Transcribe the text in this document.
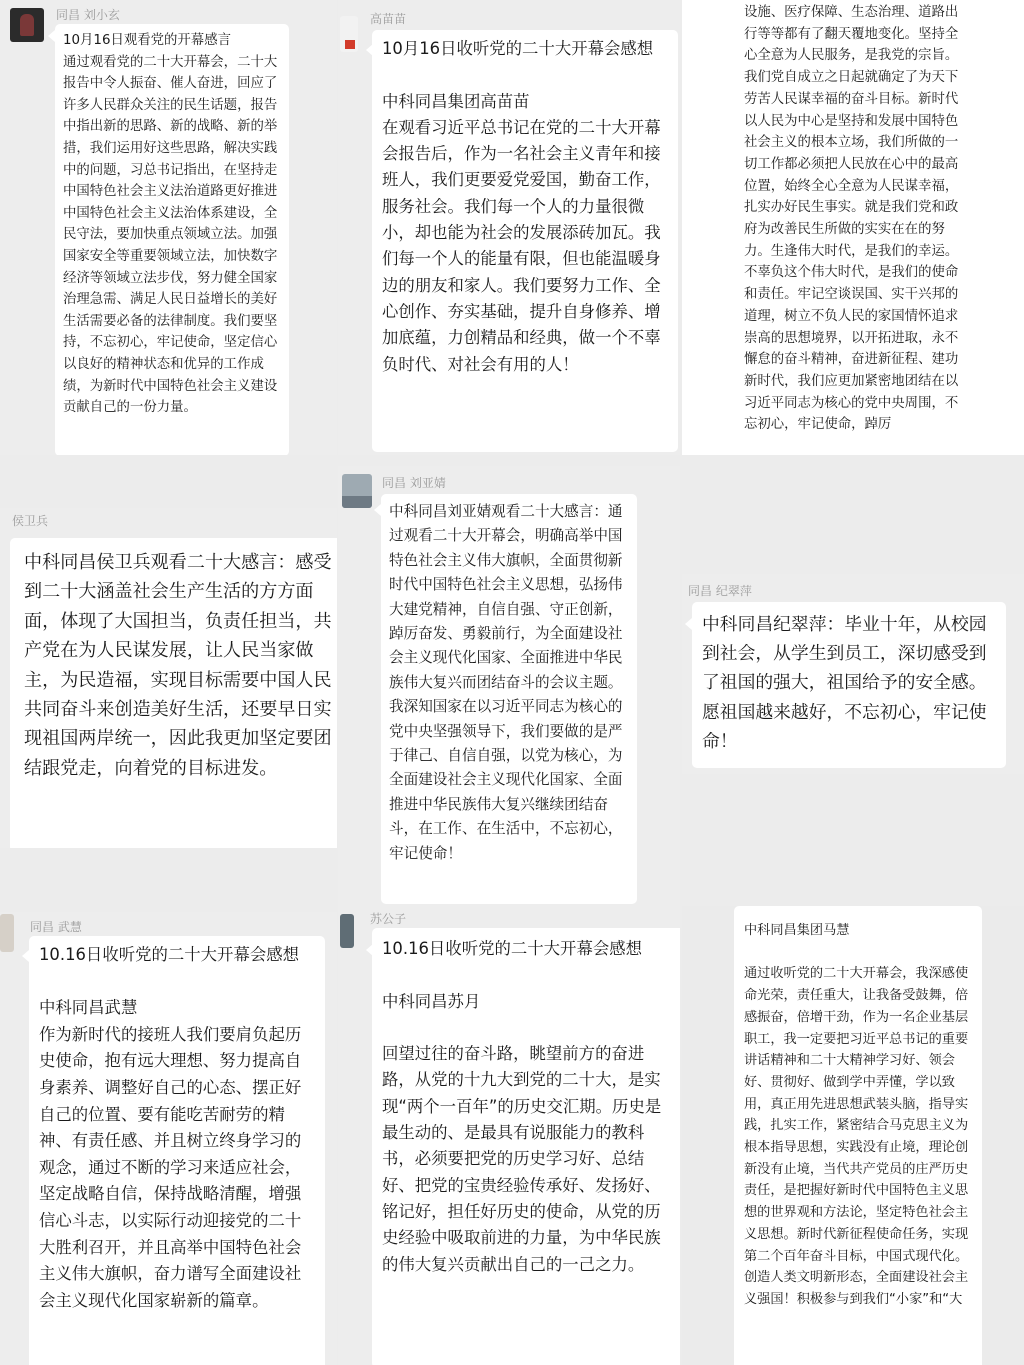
同昌 刘小玄
10月16日观看党的开幕感言
通过观看党的二十大开幕会，二十大报告中令人振奋、催人奋进，回应了许多人民群众关注的民生话题，报告中指出新的思路、新的战略、新的举措，我们运用好这些思路，解决实践中的问题，习总书记指出，在坚持走中国特色社会主义法治道路更好推进中国特色社会主义法治体系建设，全民守法，要加快重点领域立法。加强国家安全等重要领域立法，加快数字经济等领域立法步伐，努力健全国家治理急需、满足人民日益增长的美好生活需要必备的法律制度。我们要坚持，不忘初心，牢记使命，坚定信心以良好的精神状态和优异的工作成绩，为新时代中国特色社会主义建设贡献自己的一份力量。
高苗苗
10月16日收听党的二十大开幕会感想

中科同昌集团高苗苗
在观看习近平总书记在党的二十大开幕会报告后，作为一名社会主义青年和接班人，我们更要爱党爱国，勤奋工作，服务社会。我们每一个人的力量很微小，却也能为社会的发展添砖加瓦。我们每一个人的能量有限，但也能温暖身边的朋友和家人。我们要努力工作、全心创作、夯实基础，提升自身修养、增加底蕴，力创精品和经典，做一个不辜负时代、对社会有用的人！
设施、医疗保障、生态治理、道路出行等等都有了翻天覆地变化。坚持全心全意为人民服务，是我党的宗旨。我们党自成立之日起就确定了为天下劳苦人民谋幸福的奋斗目标。新时代以人民为中心是坚持和发展中国特色社会主义的根本立场，我们所做的一切工作都必须把人民放在心中的最高位置，始终全心全意为人民谋幸福，扎实办好民生事实。就是我们党和政府为改善民生所做的实实在在的努力。生逢伟大时代，是我们的幸运。不辜负这个伟大时代，是我们的使命和责任。牢记空谈误国、实干兴邦的道理，树立不负人民的家国情怀追求崇高的思想境界，以开拓进取，永不懈怠的奋斗精神，奋进新征程、建功新时代，我们应更加紧密地团结在以习近平同志为核心的党中央周围，不忘初心，牢记使命，踔厉
侯卫兵
中科同昌侯卫兵观看二十大感言：感受到二十大涵盖社会生产生活的方方面面，体现了大国担当，负责任担当，共产党在为人民谋发展，让人民当家做主，为民造福，实现目标需要中国人民共同奋斗来创造美好生活，还要早日实现祖国两岸统一，因此我更加坚定要团结跟党走，向着党的目标进发。
同昌 刘亚婧
中科同昌刘亚婧观看二十大感言：通过观看二十大开幕会，明确高举中国特色社会主义伟大旗帜，全面贯彻新时代中国特色社会主义思想，弘扬伟大建党精神，自信自强、守正创新，踔厉奋发、勇毅前行，为全面建设社会主义现代化国家、全面推进中华民族伟大复兴而团结奋斗的会议主题。我深知国家在以习近平同志为核心的党中央坚强领导下，我们要做的是严于律己、自信自强，以党为核心，为全面建设社会主义现代化国家、全面推进中华民族伟大复兴继续团结奋斗，在工作、在生活中，不忘初心，牢记使命！
同昌 纪翠萍
中科同昌纪翠萍：毕业十年，从校园到社会，从学生到员工，深切感受到了祖国的强大，祖国给予的安全感。愿祖国越来越好，不忘初心，牢记使命！
同昌 武慧
10.16日收听党的二十大开幕会感想

中科同昌武慧
作为新时代的接班人我们要肩负起历史使命，抱有远大理想、努力提高自身素养、调整好自己的心态、摆正好自己的位置、要有能吃苦耐劳的精神、有责任感、并且树立终身学习的观念，通过不断的学习来适应社会，坚定战略自信，保持战略清醒，增强信心斗志，以实际行动迎接党的二十大胜利召开，并且高举中国特色社会主义伟大旗帜，奋力谱写全面建设社会主义现代化国家崭新的篇章。
苏公子
10.16日收听党的二十大开幕会感想

中科同昌苏月

回望过往的奋斗路，眺望前方的奋进路，从党的十九大到党的二十大，是实现“两个一百年”的历史交汇期。历史是最生动的、是最具有说服能力的教科书，必须要把党的历史学习好、总结好、把党的宝贵经验传承好、发扬好、铭记好，担任好历史的使命，从党的历史经验中吸取前进的力量，为中华民族的伟大复兴贡献出自己的一己之力。
中科同昌集团马慧

通过收听党的二十大开幕会，我深感使命光荣，责任重大，让我备受鼓舞，倍感振奋，倍增干劲，作为一名企业基层职工，我一定要把习近平总书记的重要讲话精神和二十大精神学习好、领会好、贯彻好、做到学中弄懂，学以致用，真正用先进思想武装头脑，指导实践，扎实工作，紧密结合马克思主义为根本指导思想，实践没有止境，理论创新没有止境，当代共产党员的庄严历史责任，是把握好新时代中国特色主义思想的世界观和方法论，坚定特色社会主义思想。新时代新征程使命任务，实现第二个百年奋斗目标，中国式现代化。创造人类文明新形态，全面建设社会主义强国！积极参与到我们“小家”和“大
